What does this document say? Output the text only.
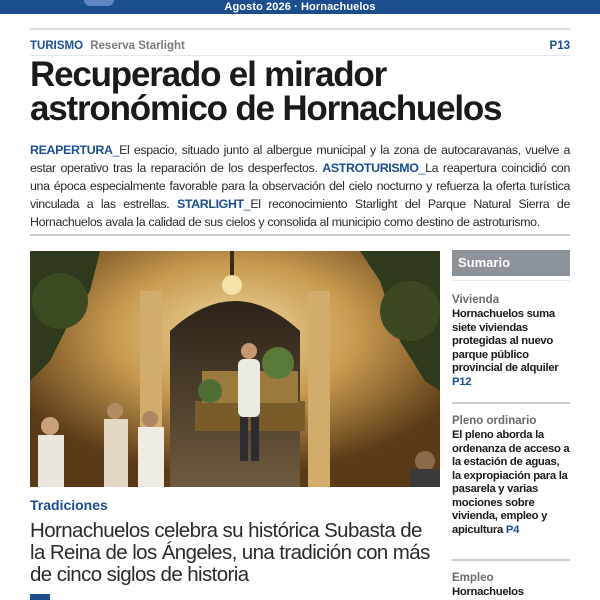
Agosto 2026 · Hornachuelos
TURISMO Reserva Starlight	P13
Recuperado el mirador
astronómico de Hornachuelos
REAPERTURA_El espacio, situado junto al albergue municipal y la zona de autocaravanas, vuelve a estar operativo tras la reparación de los desperfectos. ASTROTURISMO_La reapertura coincidió con una época especialmente favorable para la observación del cielo nocturno y refuerza la oferta turística vinculada a las estrellas. STARLIGHT_El reconocimiento Starlight del Parque Natural Sierra de Hornachuelos avala la calidad de sus cielos y consolida al municipio como destino de astroturismo.
Tradiciones
Hornachuelos celebra su histórica Subasta de la Reina de los Ángeles, una tradición con más de cinco siglos de historia
Sumario
Vivienda
Hornachuelos suma siete viviendas protegidas al nuevo parque público provincial de alquiler P12
Pleno ordinario
El pleno aborda la ordenanza de acceso a la estación de aguas, la expropiación para la pasarela y varias mociones sobre vivienda, empleo y apicultura P4
Empleo
Hornachuelos
